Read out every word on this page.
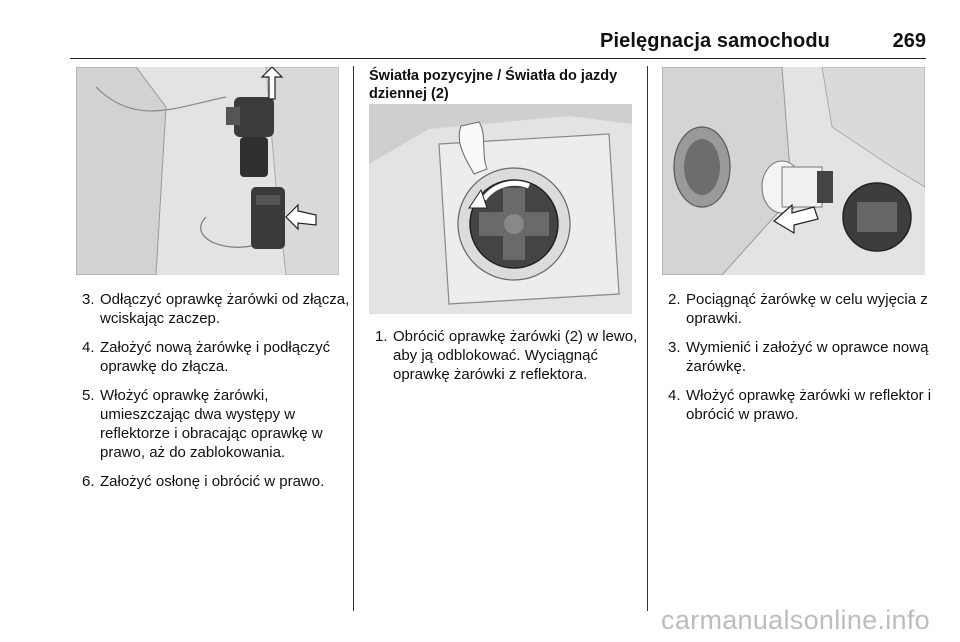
Pielęgnacja samochodu	269
3. Odłączyć oprawkę żarówki od złącza, wciskając zaczep.
4. Założyć nową żarówkę i podłączyć oprawkę do złącza.
5. Włożyć oprawkę żarówki, umieszczając dwa występy w reflektorze i obracając oprawkę w prawo, aż do zablokowania.
6. Założyć osłonę i obrócić w prawo.
Światła pozycyjne / Światła do jazdy dziennej (2)
1. Obrócić oprawkę żarówki (2) w lewo, aby ją odblokować. Wyciągnąć oprawkę żarówki z reflektora.
2. Pociągnąć żarówkę w celu wyjęcia z oprawki.
3. Wymienić i założyć w oprawce nową żarówkę.
4. Włożyć oprawkę żarówki w reflektor i obrócić w prawo.
carmanualsonline.info
